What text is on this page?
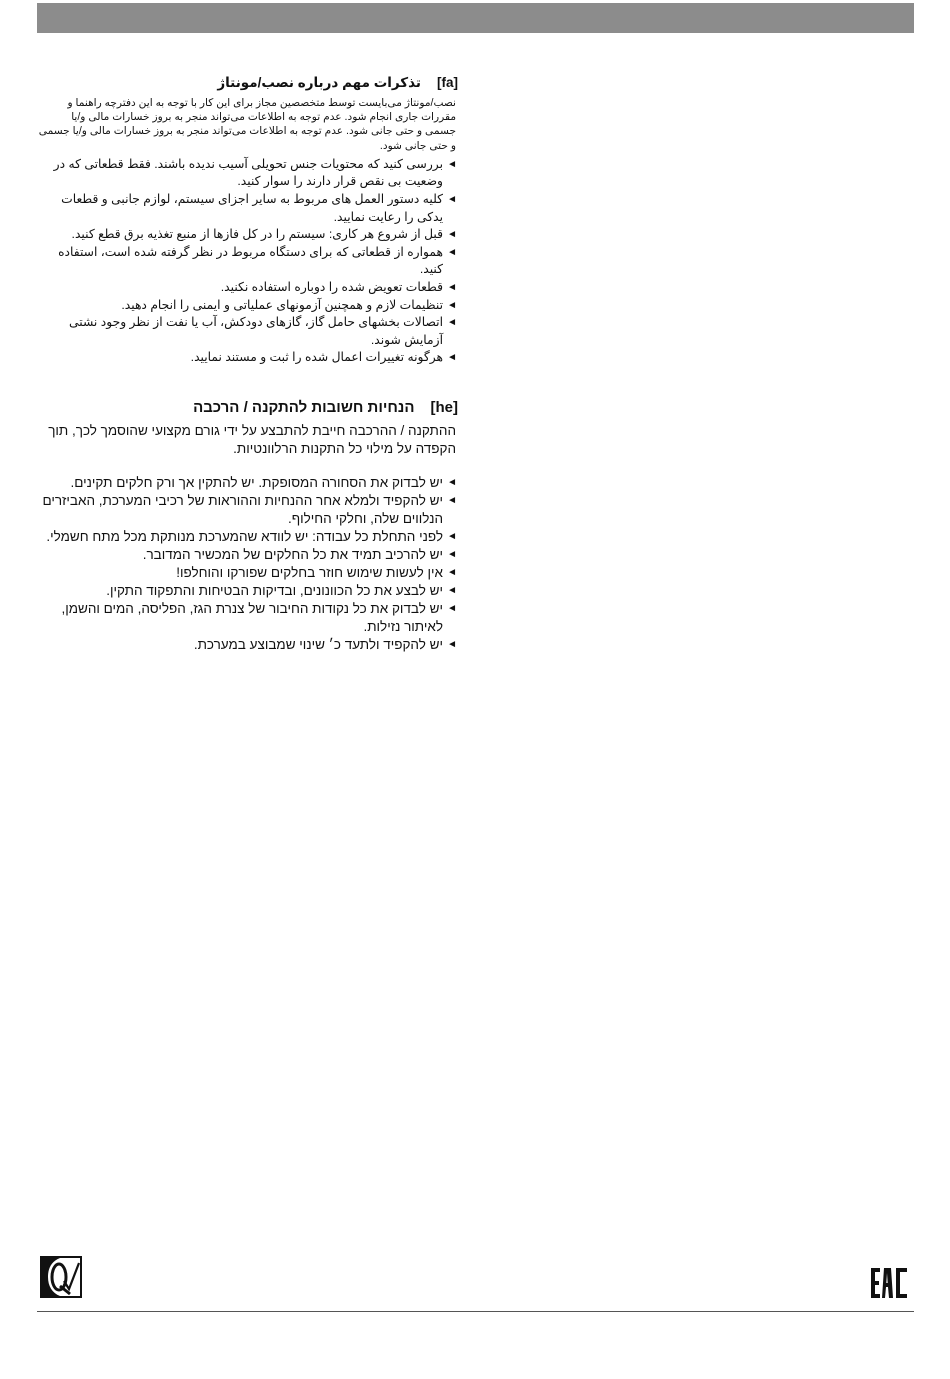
[fa]تذکرات مهم درباره نصب/مونتاژ

نصب/مونتاژ می‌بایست توسط متخصصین مجاز برای این کار با توجه به این دفترچه راهنما و مقررات جاری انجام شود. عدم توجه به اطلاعات می‌تواند منجر به بروز خسارات مالی و/یا جسمی و حتی جانی شود. عدم توجه به اطلاعات می‌تواند منجر به بروز خسارات مالی و/یا جسمی و حتی جانی شود.

◄
بررسی کنید که محتویات جنس تحویلی آسیب ندیده باشند. فقط قطعاتی که در وضعیت بی نقص قرار دارند را سوار کنید.
◄
کلیه دستور العمل های مربوط به سایر اجزای سیستم، لوازم جانبی و قطعات یدکی را رعایت نمایید.
◄
قبل از شروع هر کاری: سیستم را در کل فازها از منبع تغذیه برق قطع کنید.
◄
همواره از قطعاتی که برای دستگاه مربوط در نظر گرفته شده است، استفاده کنید.
◄
قطعات تعویض شده را دوباره استفاده نکنید.
◄
تنظیمات لازم و همچنین آزمونهای عملیاتی و ایمنی را انجام دهید.
◄
اتصالات بخشهای حامل گاز، گازهای دودکش، آب یا نفت از نظر وجود نشتی آزمایش شوند.
◄
هرگونه تغییرات اعمال شده را ثبت و مستند نمایید.
[he]הנחיות חשובות להתקנה / הרכבה

ההתקנה / ההרכבה חייבת להתבצע על ידי גורם מקצועי שהוסמך לכך, תוך הקפדה על מילוי כל התקנות הרלוונטיות.

◄
יש לבדוק את הסחורה המסופקת. יש להתקין אך ורק חלקים תקינים.
◄
יש להקפיד ולמלא אחר ההנחיות וההוראות של רכיבי המערכת, האביזרים הנלווים שלה, וחלקי החילוף.
◄
לפני התחלת כל עבודה: יש לוודא שהמערכת מנותקת מכל מתח חשמלי.
◄
יש להרכיב תמיד את כל החלקים של המכשיר המדובר.
◄
אין לעשות שימוש חוזר בחלקים שפורקו והוחלפו!
◄
יש לבצע את כל הכוונונים, ובדיקות הבטיחות והתפקוד התקין.
◄
יש לבדוק את כל נקודות החיבור של צנרת הגז, הפליסה, המים והשמן, לאיתור נזילות.
◄
יש להקפיד ולתעד כ׳ שינוי שמבוצע במערכת.
